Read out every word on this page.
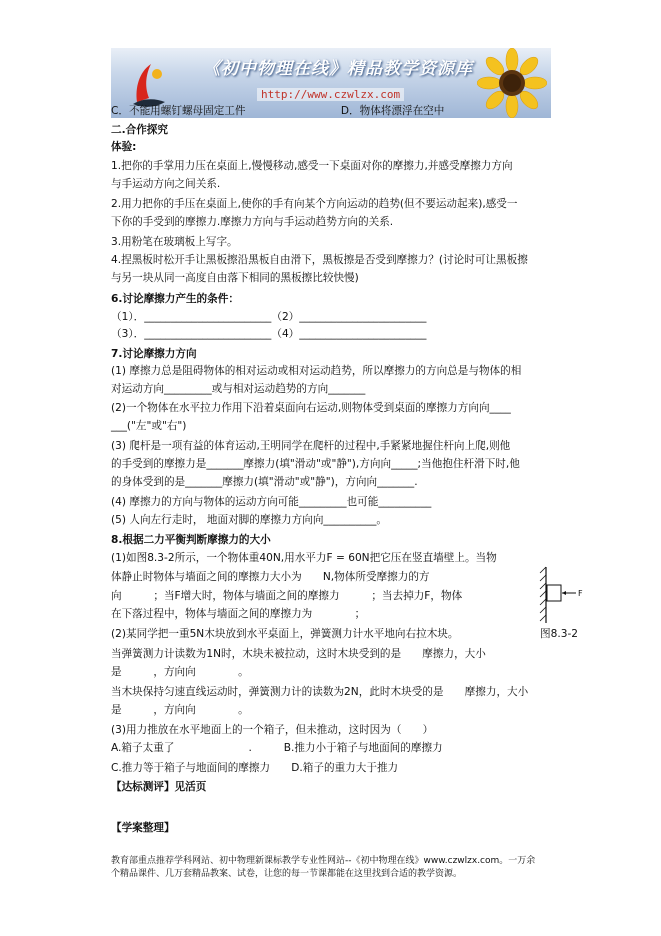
《初中物理在线》精品教学资源库
http://www.czwlzx.com
C．不能用螺钉螺母固定工件　　　　　　　　　D．物体将漂浮在空中
二.合作探究
体验:
1.把你的手掌用力压在桌面上,慢慢移动,感受一下桌面对你的摩擦力,并感受摩擦力方向
与手运动方向之间关系.
2.用力把你的手压在桌面上,使你的手有向某个方向运动的趋势(但不要运动起来),感受一
下你的手受到的摩擦力.摩擦力方向与手运动趋势方向的关系.
3.用粉笔在玻璃板上写字。
4.捏黑板时松开手让黑板擦沿黑板自由滑下，黑板擦是否受到摩擦力？(讨论时可让黑板擦
与另一块从同一高度自由落下相同的黑板擦比较快慢)
6.讨论摩擦力产生的条件：
（1）．________________________（2）________________________
（3）．________________________（4）________________________
7.讨论摩擦力方向
(1) 摩擦力总是阻碍物体的相对运动或相对运动趋势，所以摩擦力的方向总是与物体的相
对运动方向_________或与相对运动趋势的方向_______
(2)一个物体在水平拉力作用下沿着桌面向右运动,则物体受到桌面的摩擦力方向向____
___("左"或"右")
(3) 爬杆是一项有益的体育运动,王明同学在爬杆的过程中,手紧紧地握住杆向上爬,则他
的手受到的摩擦力是_______摩擦力(填"滑动"或"静"),方向向_____;当他抱住杆滑下时,他
的身体受到的是_______摩擦力(填"滑动"或"静")，方向向_______.
(4) 摩擦力的方向与物体的运动方向可能_________也可能__________
(5) 人向左行走时， 地面对脚的摩擦力方向向__________。
8.根据二力平衡判断摩擦力的大小
(1)如图8.3-2所示，一个物体重40N,用水平力F = 60N把它压在竖直墙壁上。当物
体静止时物体与墙面之间的摩擦力大小为　　N,物体所受摩擦力的方
向　　　；当F增大时，物体与墙面之间的摩擦力　　　；当去掉力F，物体
在下落过程中，物体与墙面之间的摩擦力为　　　　；
(2)某同学把一重5N木块放到水平桌面上，弹簧测力计水平地向右拉木块。
当弹簧测力计读数为1N时，木块未被拉动，这时木块受到的是　　摩擦力，大小
是　　　，方向向　　　　。
当木块保持匀速直线运动时，弹簧测力计的读数为2N，此时木块受的是　　摩擦力，大小
是　　　，方向向　　　　。
(3)用力推放在水平地面上的一个箱子，但未推动，这时因为（　　）
A.箱子太重了　　　　　　　.　　　B.推力小于箱子与地面间的摩擦力
C.推力等于箱子与地面间的摩擦力　　D.箱子的重力大于推力
【达标测评】见活页
【学案整理】
F
图8.3-2
教育部重点推荐学科网站、初中物理新课标教学专业性网站--《初中物理在线》www.czwlzx.com。一万余
个精品课件、几万套精品教案、试卷，让您的每一节课都能在这里找到合适的教学资源。
